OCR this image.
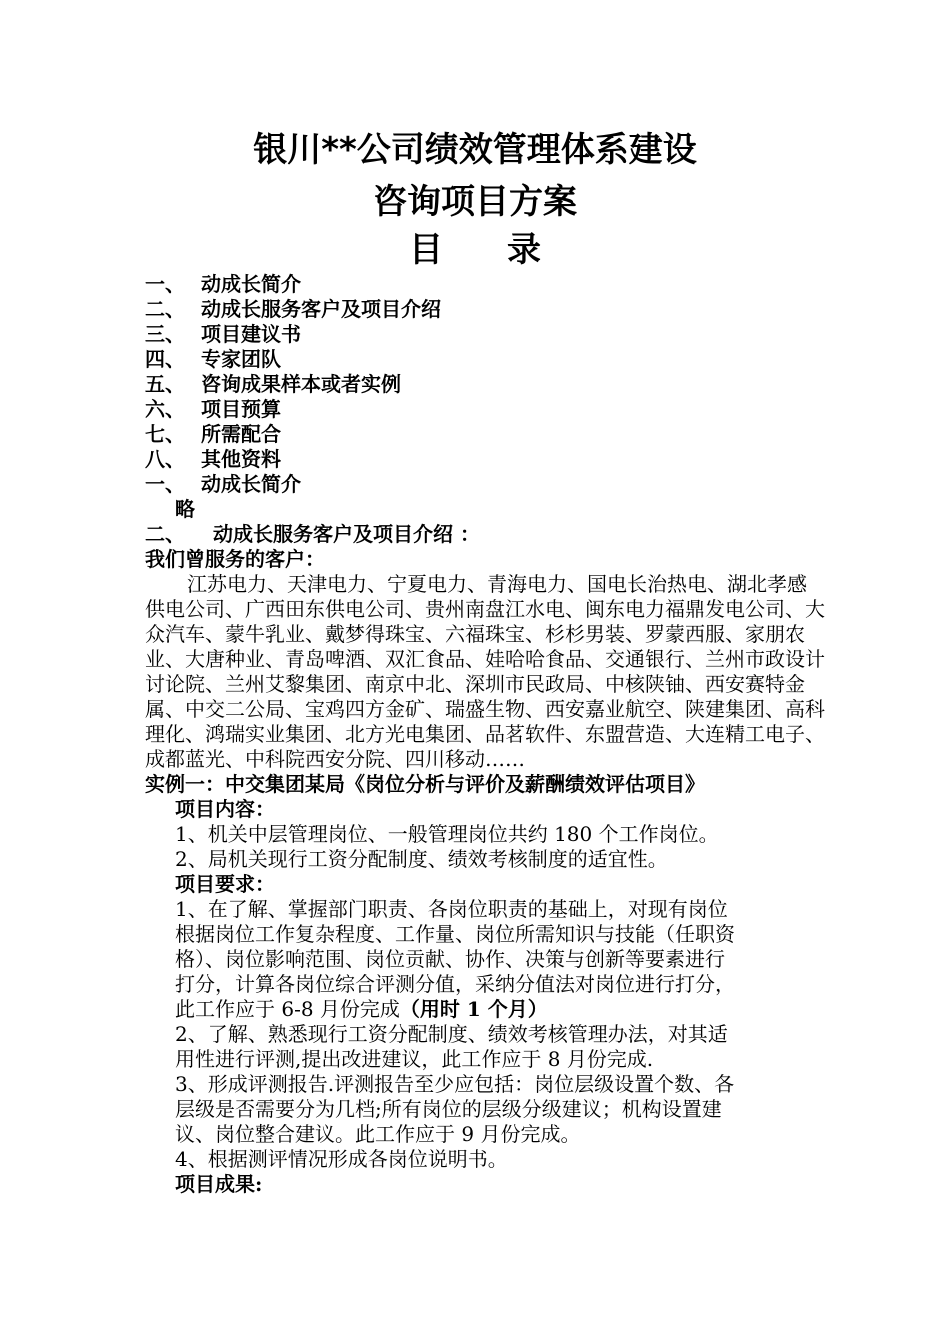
银川**公司绩效管理体系建设
咨询项目方案
目 录
一、 动成长简介
二、 动成长服务客户及项目介绍
三、 项目建议书
四、 专家团队
五、 咨询成果样本或者实例
六、 项目预算
七、 所需配合
八、 其他资料
一、 动成长简介
略
二、 动成长服务客户及项目介绍 ：
我们曾服务的客户：
江苏电力、天津电力、宁夏电力、青海电力、国电长治热电、湖北孝感供电公司、广西田东供电公司、贵州南盘江水电、闽东电力福鼎发电公司、大众汽车、蒙牛乳业、戴梦得珠宝、六福珠宝、杉杉男装、罗蒙西服、家朋农业、大唐种业、青岛啤酒、双汇食品、娃哈哈食品、交通银行、兰州市政设计讨论院、兰州艾黎集团、南京中北、深圳市民政局、中核陕铀、西安赛特金属、中交二公局、宝鸡四方金矿、瑞盛生物、西安嘉业航空、陕建集团、高科理化、鸿瑞实业集团、北方光电集团、品茗软件、东盟营造、大连精工电子、成都蓝光、中科院西安分院、四川移动……
实例一：中交集团某局《岗位分析与评价及薪酬绩效评估项目》
项目内容：
1、机关中层管理岗位、一般管理岗位共约 180 个工作岗位。
2、局机关现行工资分配制度、绩效考核制度的适宜性。
项目要求：
1、在了解、掌握部门职责、各岗位职责的基础上，对现有岗位
根据岗位工作复杂程度、工作量、岗位所需知识与技能（任职资
格）、岗位影响范围、岗位贡献、协作、决策与创新等要素进行
打分，计算各岗位综合评测分值，采纳分值法对岗位进行打分，
此工作应于 6-8 月份完成（用时 1 个月）
2、了解、熟悉现行工资分配制度、绩效考核管理办法，对其适
用性进行评测,提出改进建议，此工作应于 8 月份完成.
3、形成评测报告.评测报告至少应包括：岗位层级设置个数、各
层级是否需要分为几档;所有岗位的层级分级建议；机构设置建
议、岗位整合建议。此工作应于 9 月份完成。
4、根据测评情况形成各岗位说明书。
项目成果:
